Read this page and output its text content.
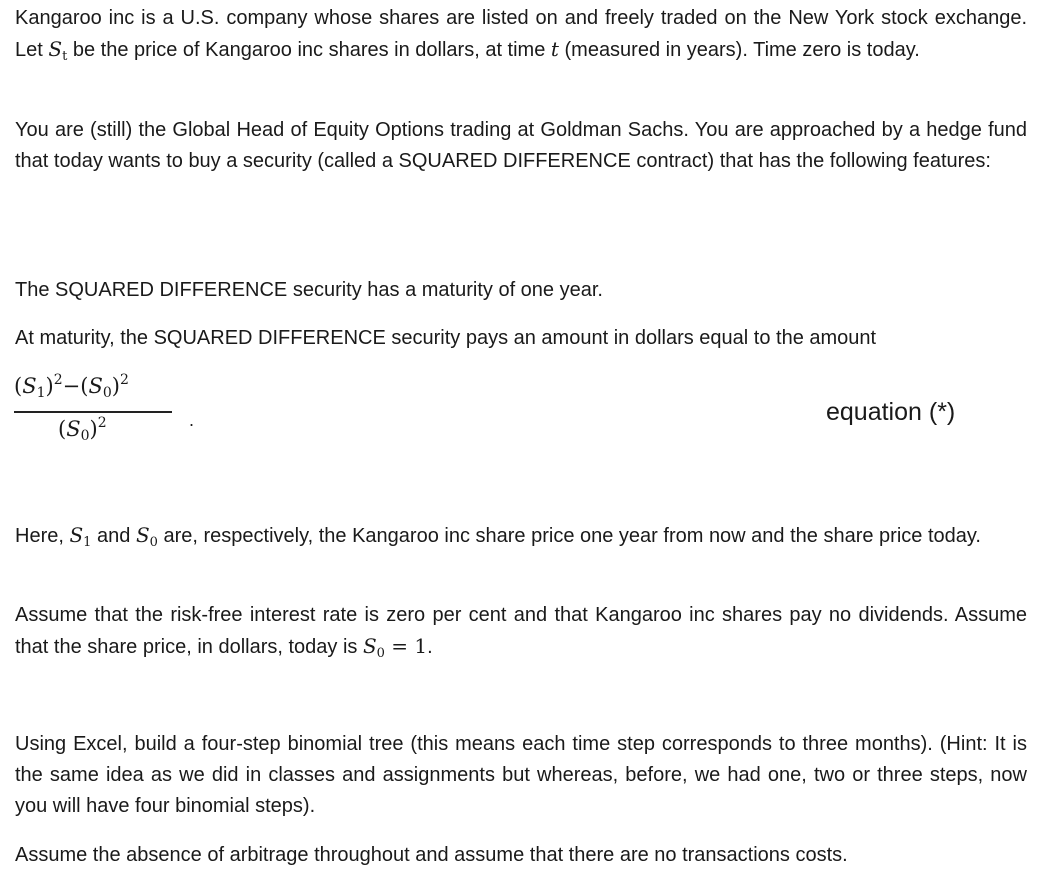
Kangaroo inc is a U.S. company whose shares are listed on and freely traded on the New York stock exchange. Let $S_t$ be the price of Kangaroo inc shares in dollars, at time t (measured in years). Time zero is today.

You are (still) the Global Head of Equity Options trading at Goldman Sachs. You are approached by a hedge fund that today wants to buy a security (called a SQUARED DIFFERENCE contract) that has the following features:

The SQUARED DIFFERENCE security has a maturity of one year.

At maturity, the SQUARED DIFFERENCE security pays an amount in dollars equal to the amount

$(S_1)^2-(S_0)^2$
$(S_0)^2$	.	equation (*)

Here, $S_1$ and $S_0$ are, respectively, the Kangaroo inc share price one year from now and the share price today.

Assume that the risk-free interest rate is zero per cent and that Kangaroo inc shares pay no dividends. Assume that the share price, in dollars, today is $S_0 = 1$.

Using Excel, build a four-step binomial tree (this means each time step corresponds to three months). (Hint: It is the same idea as we did in classes and assignments but whereas, before, we had one, two or three steps, now you will have four binomial steps).

Assume the absence of arbitrage throughout and assume that there are no transactions costs.
